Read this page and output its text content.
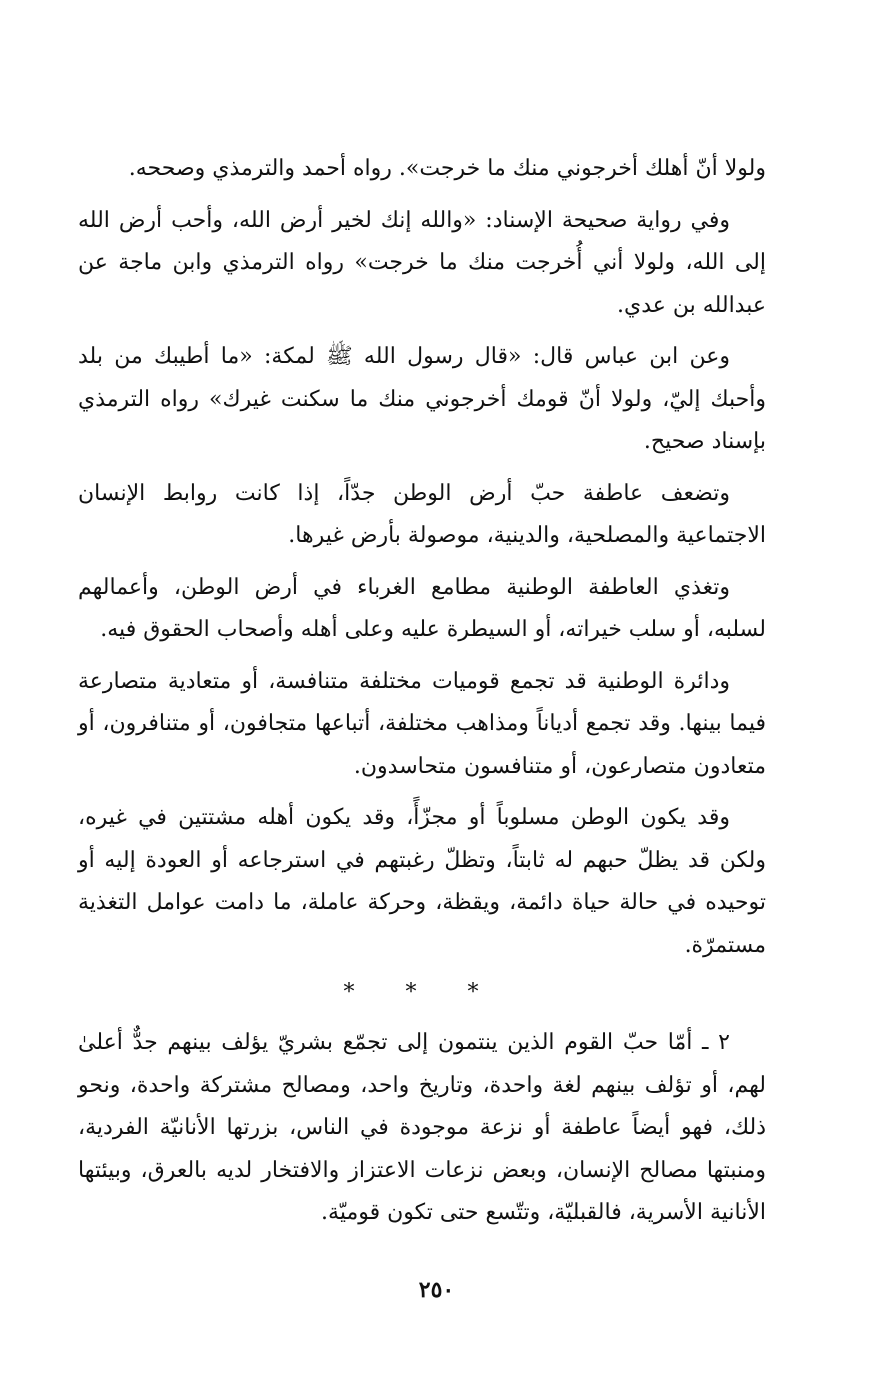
ولولا أنّ أهلك أخرجوني منك ما خرجت». رواه أحمد والترمذي وصححه.

وفي رواية صحيحة الإسناد: «والله إنك لخير أرض الله، وأحب أرض الله إلى الله، ولولا أني أُخرجت منك ما خرجت» رواه الترمذي وابن ماجة عن عبدالله بن عدي.

وعن ابن عباس قال: «قال رسول الله ﷺ لمكة: «ما أطيبك من بلد وأحبك إليّ، ولولا أنّ قومك أخرجوني منك ما سكنت غيرك» رواه الترمذي بإسناد صحيح.

وتضعف عاطفة حبّ أرض الوطن جدّاً، إذا كانت روابط الإنسان الاجتماعية والمصلحية، والدينية، موصولة بأرض غيرها.

وتغذي العاطفة الوطنية مطامع الغرباء في أرض الوطن، وأعمالهم لسلبه، أو سلب خيراته، أو السيطرة عليه وعلى أهله وأصحاب الحقوق فيه.

ودائرة الوطنية قد تجمع قوميات مختلفة متنافسة، أو متعادية متصارعة فيما بينها. وقد تجمع أدياناً ومذاهب مختلفة، أتباعها متجافون، أو متنافرون، أو متعادون متصارعون، أو متنافسون متحاسدون.

وقد يكون الوطن مسلوباً أو مجزّأً، وقد يكون أهله مشتتين في غيره، ولكن قد يظلّ حبهم له ثابتاً، وتظلّ رغبتهم في استرجاعه أو العودة إليه أو توحيده في حالة حياة دائمة، ويقظة، وحركة عاملة، ما دامت عوامل التغذية مستمرّة.

* * *

٢ ـ أمّا حبّ القوم الذين ينتمون إلى تجمّع بشريّ يؤلف بينهم جدٌّ أعلىٰ لهم، أو تؤلف بينهم لغة واحدة، وتاريخ واحد، ومصالح مشتركة واحدة، ونحو ذلك، فهو أيضاً عاطفة أو نزعة موجودة في الناس، بزرتها الأنانيّة الفردية، ومنبتها مصالح الإنسان، وبعض نزعات الاعتزاز والافتخار لديه بالعرق، وبيئتها الأنانية الأسرية، فالقبليّة، وتتّسع حتى تكون قوميّة.

٢٥٠
